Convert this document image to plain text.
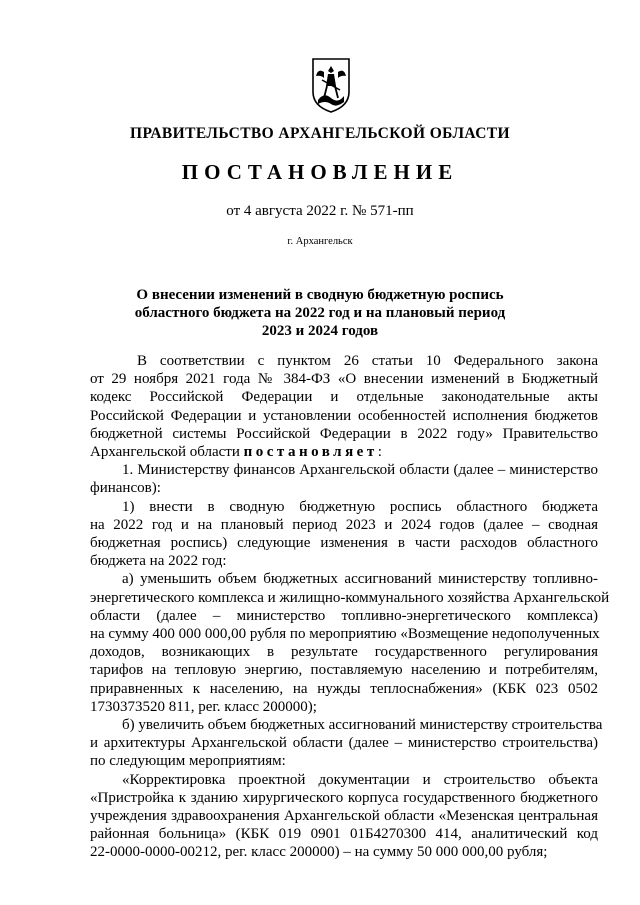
ПРАВИТЕЛЬСТВО АРХАНГЕЛЬСКОЙ ОБЛАСТИ
ПОСТАНОВЛЕНИЕ
от 4 августа 2022 г. № 571-пп
г. Архангельск
О внесении изменений в сводную бюджетную роспись
областного бюджета на 2022 год и на плановый период
2023 и 2024 годов
В соответствии с пунктом 26 статьи 10 Федерального закона
от 29 ноября 2021 года № 384-ФЗ «О внесении изменений в Бюджетный
кодекс Российской Федерации и отдельные законодательные акты
Российской Федерации и установлении особенностей исполнения бюджетов
бюджетной системы Российской Федерации в 2022 году» Правительство
Архангельской области постановляет:
1. Министерству финансов Архангельской области (далее – министерство
финансов):
1) внести в сводную бюджетную роспись областного бюджета
на 2022 год и на плановый период 2023 и 2024 годов (далее – сводная
бюджетная роспись) следующие изменения в части расходов областного
бюджета на 2022 год:
а) уменьшить объем бюджетных ассигнований министерству топливно-
энергетического комплекса и жилищно-коммунального хозяйства Архангельской
области (далее – министерство топливно-энергетического комплекса)
на сумму 400 000 000,00 рубля по мероприятию «Возмещение недополученных
доходов, возникающих в результате государственного регулирования
тарифов на тепловую энергию, поставляемую населению и потребителям,
приравненных к населению, на нужды теплоснабжения» (КБК 023 0502
1730373520 811, рег. класс 200000);
б) увеличить объем бюджетных ассигнований министерству строительства
и архитектуры Архангельской области (далее – министерство строительства)
по следующим мероприятиям:
«Корректировка проектной документации и строительство объекта
«Пристройка к зданию хирургического корпуса государственного бюджетного
учреждения здравоохранения Архангельской области «Мезенская центральная
районная больница» (КБК 019 0901 01Б4270300 414, аналитический код
22-0000-0000-00212, рег. класс 200000) – на сумму 50 000 000,00 рубля;
